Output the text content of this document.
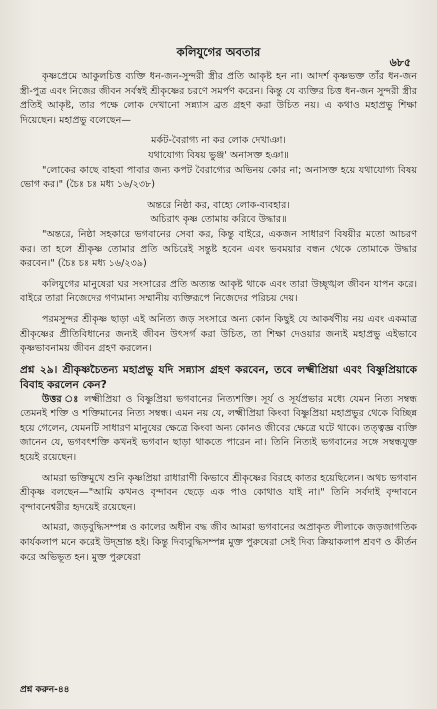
কলিযুগের অবতার
৬৮৫

কৃষ্ণপ্রেমে আকুলচিত্ত ব্যক্তি ধন-জন-সুন্দরী স্ত্রীর প্রতি আকৃষ্ট হন না। আদর্শ কৃষ্ণভক্ত তাঁর ধন-জন স্ত্রী-পুত্র এবং নিজের জীবন সর্বস্বই শ্রীকৃষ্ণের চরণে সমর্পণ করেন। কিন্তু যে ব্যক্তির চিত্ত ধন-জন সুন্দরী স্ত্রীর প্রতিই আকৃষ্ট, তার পক্ষে লোক দেখানো সন্ন্যাস ব্রত গ্রহণ করা উচিত নয়। এ কথাও মহাপ্রভু শিক্ষা দিয়েছেন। মহাপ্রভু বলেছেন—

মর্কট-বৈরাগ্য না কর লোক দেখাঞা।

যথাযোগ্য বিষয় ভুঞ্জ' অনাসক্ত হঞা॥

"লোকের কাছে বাহবা পাবার জন্য কপট বৈরাগ্যের অভিনয় কোর না; অনাসক্ত হয়ে যথাযোগ্য বিষয় ভোগ কর।" (চৈঃ চঃ মধ্য ১৬/২৩৮)

অন্তরে নিষ্ঠা কর, বাহ্যে লোক-ব্যবহার।

অচিরাৎ কৃষ্ণ তোমায় করিবে উদ্ধার॥

"অন্তরে, নিষ্ঠা সহকারে ভগবানের সেবা কর, কিন্তু বাইরে, একজন সাধারণ বিষয়ীর মতো আচরণ কর। তা হলে শ্রীকৃষ্ণ তোমার প্রতি অচিরেই সন্তুষ্ট হবেন এবং ভবময়ার বন্ধন থেকে তোমাকে উদ্ধার করবেন।" (চৈঃ চঃ মধ্য ১৬/২৩৯)

কলিযুগের মানুষেরা ঘর সংসারের প্রতি অত্যন্ত আকৃষ্ট থাকে এবং তারা উচ্ছৃঙ্খল জীবন যাপন করে। বাইরে তারা নিজেদের গণ্যমান্য সম্মানীয় ব্যক্তিরূপে নিজেদের পরিচয় দেয়।

পরমসুন্দর শ্রীকৃষ্ণ ছাড়া এই অনিত্য জড় সংসারে অন্য কোন কিছুই যে আকর্ষণীয় নয় এবং একমাত্র শ্রীকৃষ্ণের প্রীতিবিধানের জন্যই জীবন উৎসর্গ করা উচিত, তা শিক্ষা দেওয়ার জন্যই মহাপ্রভু এইভাবে কৃষ্ণভাবনাময় জীবন গ্রহণ করলেন।

প্রশ্ন ২৯। শ্রীকৃষ্ণচৈতন্য মহাপ্রভু যদি সন্ন্যাস গ্রহণ করবেন, তবে লক্ষ্মীপ্রিয়া এবং বিষ্ণুপ্রিয়াকে বিবাহ করলেন কেন?

উত্তর ঃ লক্ষ্মীপ্রিয়া ও বিষ্ণুপ্রিয়া ভগবানের নিত্যশক্তি। সূর্য ও সূর্যপ্রভার মধ্যে যেমন নিত্য সম্বন্ধ তেমনই শক্তি ও শক্তিমানের নিত্য সম্বন্ধ। এমন নয় যে, লক্ষ্মীপ্রিয়া কিংবা বিষ্ণুপ্রিয়া মহাপ্রভুর থেকে বিচ্ছিন্ন হয়ে গেলেন, যেমনটি সাধারণ মানুষের ক্ষেত্রে কিংবা অন্য কোনও জীবের ক্ষেত্রে ঘটে থাকে। তত্ত্বজ্ঞ ব্যক্তি জানেন যে, ভগবৎশক্তি কখনই ভগবান ছাড়া থাকতে পারেন না। তিনি নিত্যই ভগবানের সঙ্গে সম্বন্ধযুক্ত হয়েই রয়েছেন।

আমরা ভক্তিমুখে শুনি কৃষ্ণপ্রিয়া রাধারাণী কিভাবে শ্রীকৃষ্ণের বিরহে কাতর হয়েছিলেন। অথচ ভগবান শ্রীকৃষ্ণ বলছেন—"আমি কখনও বৃন্দাবন ছেড়ে এক পাও কোথাও যাই না।" তিনি সর্বদাই বৃন্দাবনে বৃন্দাবনেশ্বরীর হৃদয়েই রয়েছেন।

আমরা, জড়বুদ্ধিসম্পন্ন ও কালের অধীন বদ্ধ জীব আমরা ভগবানের অপ্রাকৃত লীলাকে জড়জাগতিক কার্যকলাপ মনে করেই উদ্‌ভ্রান্ত হই। কিন্তু দিব্যবুদ্ধিসম্পন্ন মুক্ত পুরুষেরা সেই দিব্য ক্রিয়াকলাপ শ্রবণ ও কীর্তন করে অভিভূত হন। মুক্ত পুরুষেরা

প্রশ্ন করুন-৪৪
